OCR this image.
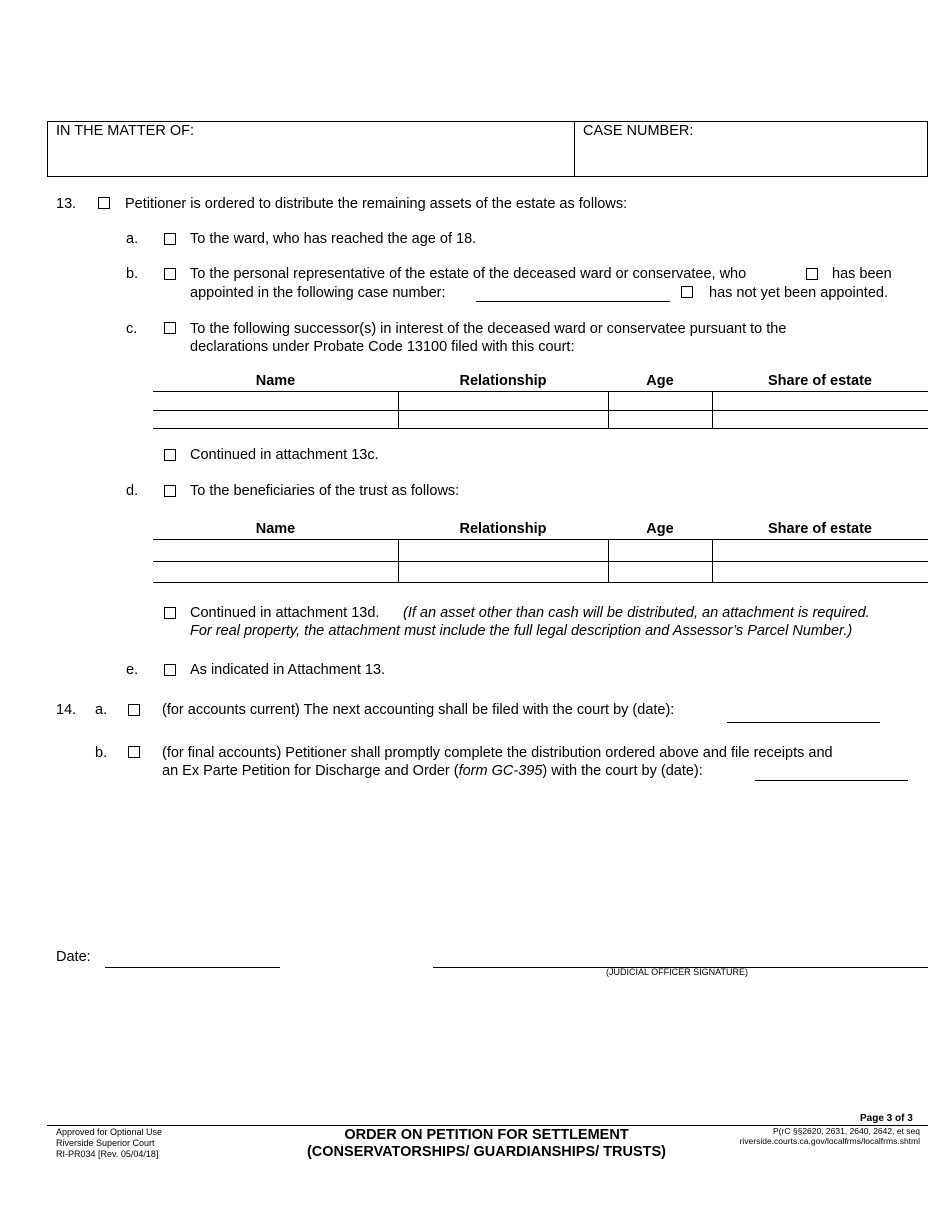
IN THE MATTER OF:	CASE NUMBER:
13.	Petitioner is ordered to distribute the remaining assets of the estate as follows:
a.	To the ward, who has reached the age of 18.
b.	To the personal representative of the estate of the deceased ward or conservatee, who	has been
appointed in the following case number:	has not yet been appointed.
c.	To the following successor(s) in interest of the deceased ward or conservatee pursuant to the
declarations under Probate Code 13100 filed with this court:
Name	Relationship	Age	Share of estate
Continued in attachment 13c.
d.	To the beneficiaries of the trust as follows:
Name	Relationship	Age	Share of estate
Continued in attachment 13d. (If an asset other than cash will be distributed, an attachment is required.
For real property, the attachment must include the full legal description and Assessor’s Parcel Number.)
e.	As indicated in Attachment 13.
14. a.	(for accounts current) The next accounting shall be filed with the court by (date):
b.	(for final accounts) Petitioner shall promptly complete the distribution ordered above and file receipts and
an Ex Parte Petition for Discharge and Order (form GC-395) with the court by (date):
Date:
(JUDICIAL OFFICER SIGNATURE)
Page 3 of 3
Approved for Optional Use
Riverside Superior Court
RI-PR034 [Rev. 05/04/18]
ORDER ON PETITION FOR SETTLEMENT
(CONSERVATORSHIPS/ GUARDIANSHIPS/ TRUSTS)
P(rC §§2620, 2631, 2640, 2642, et seq
riverside.courts.ca.gov/localfrms/localfrms.shtml
